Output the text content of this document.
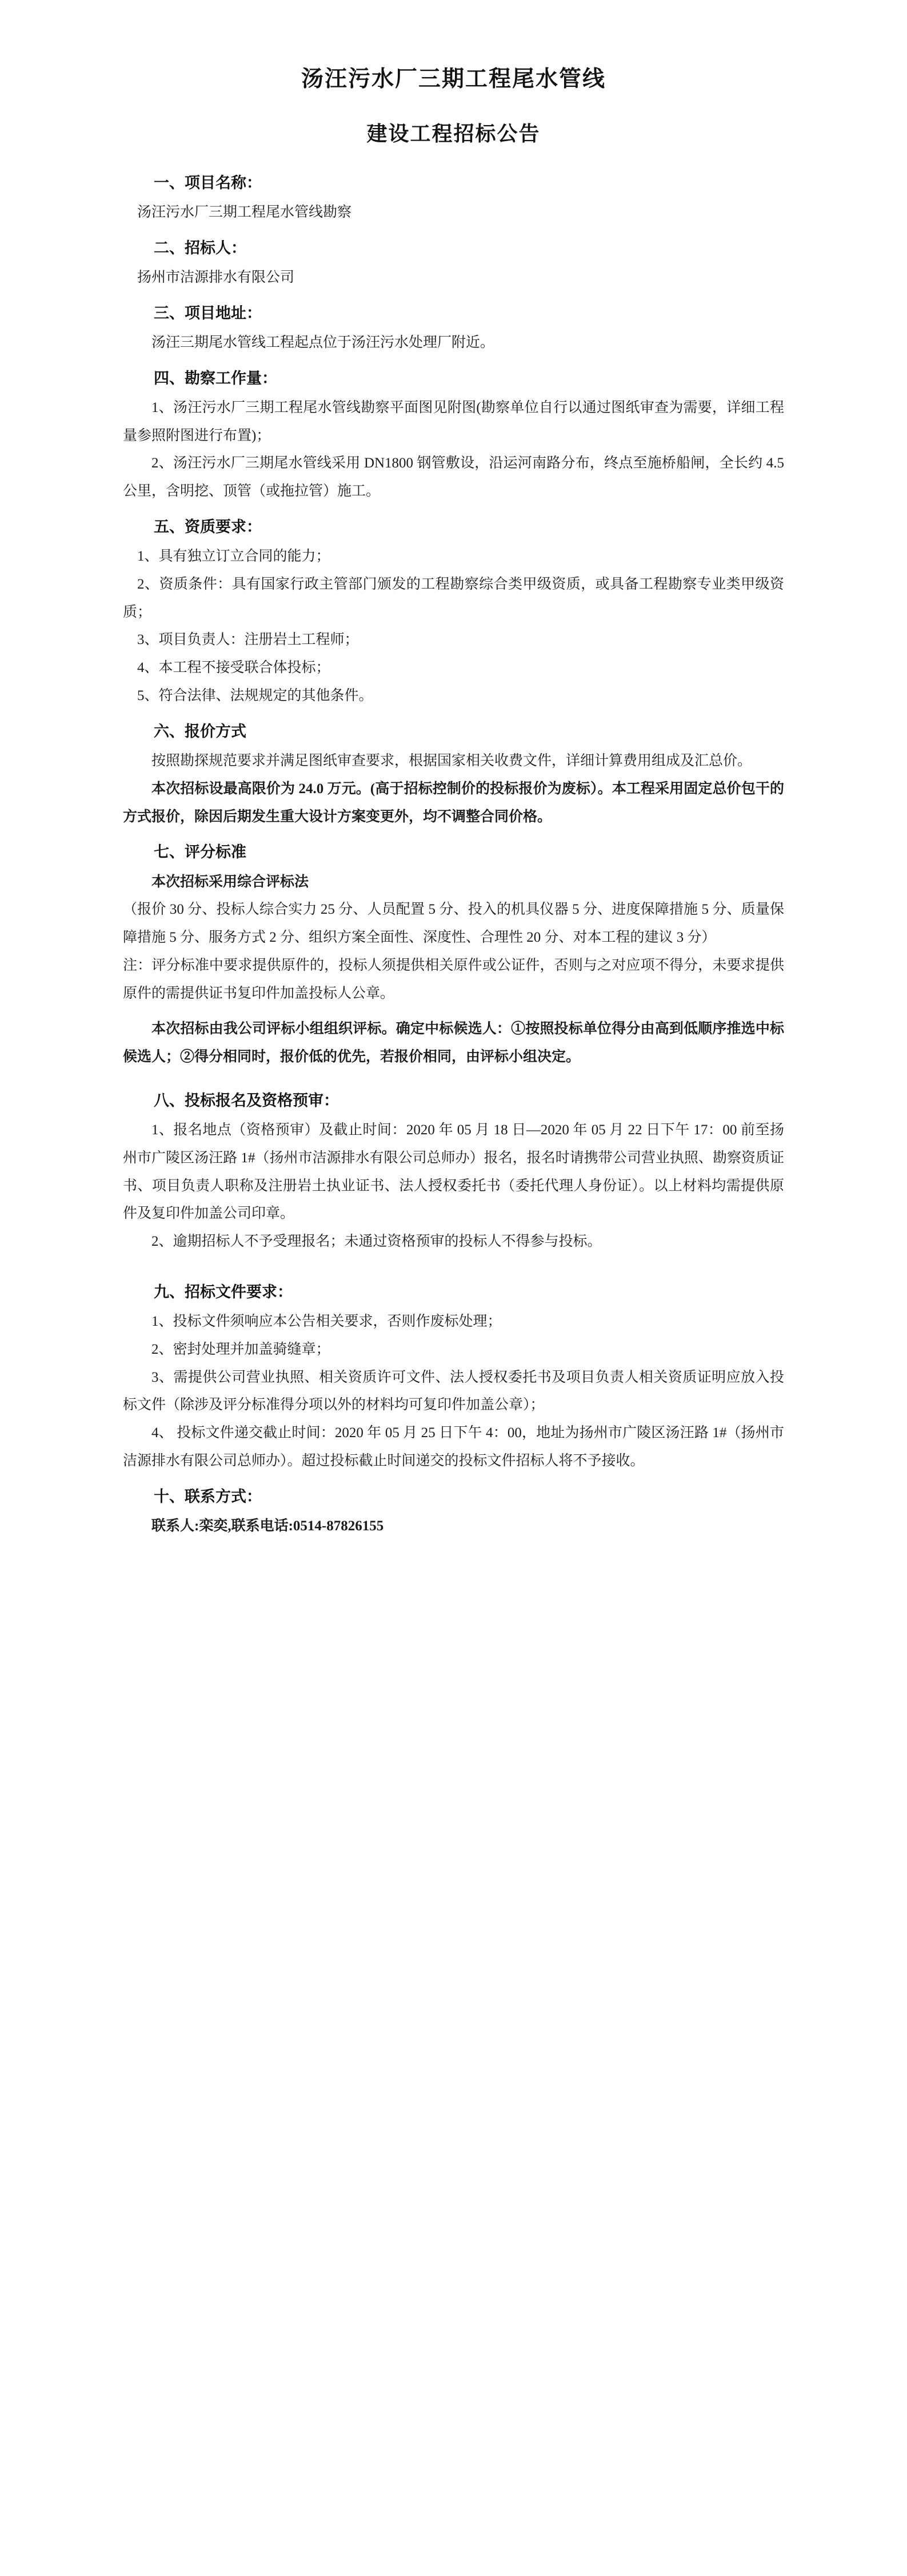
汤汪污水厂三期工程尾水管线
建设工程招标公告
一、项目名称：

汤汪污水厂三期工程尾水管线勘察

二、招标人：

扬州市洁源排水有限公司

三、项目地址：

汤汪三期尾水管线工程起点位于汤汪污水处理厂附近。

四、勘察工作量：

1、汤汪污水厂三期工程尾水管线勘察平面图见附图(勘察单位自行以通过图纸审查为需要，详细工程量参照附图进行布置)；

2、汤汪污水厂三期尾水管线采用 DN1800 钢管敷设，沿运河南路分布，终点至施桥船闸，全长约 4.5 公里，含明挖、顶管（或拖拉管）施工。

五、资质要求：

1、具有独立订立合同的能力；

2、资质条件：具有国家行政主管部门颁发的工程勘察综合类甲级资质，或具备工程勘察专业类甲级资质；

3、项目负责人：注册岩土工程师；

4、本工程不接受联合体投标；

5、符合法律、法规规定的其他条件。

六、报价方式

按照勘探规范要求并满足图纸审查要求，根据国家相关收费文件，详细计算费用组成及汇总价。

本次招标设最高限价为 24.0 万元。(高于招标控制价的投标报价为废标）。本工程采用固定总价包干的方式报价，除因后期发生重大设计方案变更外，均不调整合同价格。

七、评分标准

本次招标采用综合评标法

（报价 30 分、投标人综合实力 25 分、人员配置 5 分、投入的机具仪器 5 分、进度保障措施 5 分、质量保障措施 5 分、服务方式 2 分、组织方案全面性、深度性、合理性 20 分、对本工程的建议 3 分）

注：评分标准中要求提供原件的，投标人须提供相关原件或公证件，否则与之对应项不得分，未要求提供原件的需提供证书复印件加盖投标人公章。

本次招标由我公司评标小组组织评标。确定中标候选人：①按照投标单位得分由高到低顺序推选中标候选人；②得分相同时，报价低的优先，若报价相同，由评标小组决定。

八、投标报名及资格预审：

1、报名地点（资格预审）及截止时间：2020 年 05 月 18 日—2020 年 05 月 22 日下午 17：00 前至扬州市广陵区汤汪路 1#（扬州市洁源排水有限公司总师办）报名，报名时请携带公司营业执照、勘察资质证书、项目负责人职称及注册岩土执业证书、法人授权委托书（委托代理人身份证）。以上材料均需提供原件及复印件加盖公司印章。

2、逾期招标人不予受理报名；未通过资格预审的投标人不得参与投标。

九、招标文件要求：

1、投标文件须响应本公告相关要求，否则作废标处理；

2、密封处理并加盖骑缝章；

3、需提供公司营业执照、相关资质许可文件、法人授权委托书及项目负责人相关资质证明应放入投标文件（除涉及评分标准得分项以外的材料均可复印件加盖公章）；

4、 投标文件递交截止时间：2020 年 05 月 25 日下午 4：00，地址为扬州市广陵区汤汪路 1#（扬州市洁源排水有限公司总师办）。超过投标截止时间递交的投标文件招标人将不予接收。

十、联系方式：

联系人:栾奕,联系电话:0514-87826155
